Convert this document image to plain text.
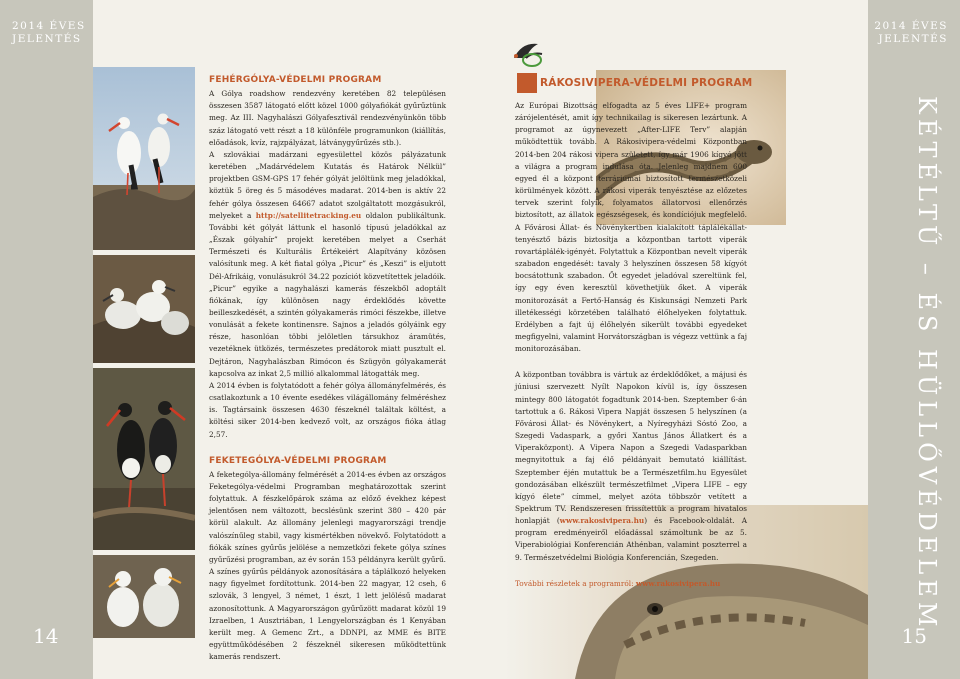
2014 ÉVES
JELENTÉS
2014 ÉVES
JELENTÉS
14	15
KÉTÉLTŰ – ÉS HÜLLŐVÉDELEM
FEHÉRGÓLYA-VÉDELMI PROGRAM

A Gólya roadshow rendezvény keretében 82 településen összesen 3587 látogató előtt közel 1000 gólyafiókát gyűrűztünk meg. Az III. Nagyhalászi Gólyafesztivál rendezvényünkön több száz látogató vett részt a 18 különféle programunkon (kiállítás, előadások, kvíz, rajzpályázat, látványgyűrűzés stb.).

A szlovákiai madárzani egyesülettel közös pályázatunk keretében „Madárvédelem Kutatás és Határok Nélkül” projektben GSM-GPS 17 fehér gólyát jelöltünk meg jeladókkal, köztük 5 öreg és 5 másodéves madarat. 2014-ben is aktív 22 fehér gólya összesen 64667 adatot szolgáltatott mozgásukról, melyeket a http://satellitetracking.eu oldalon publikáltunk. További két gólyát láttunk el hasonló típusú jeladókkal az „Észak gólyahír” projekt keretében melyet a Cserhát Természeti és Kulturális Értékeiért Alapítvány közösen valósítunk meg. A két fiatal gólya „Picur” és „Keszi” is eljutott Dél-Afrikáig, vonulásukról 34.22 pozíciót közvetítettek jeladóik. „Picur” egyike a nagyhalászi kamerás fészekből adoptált fiókának, így különösen nagy érdeklődés követte beilleszkedését, a szintén gólyakamerás rimóci fészekbe, illetve vonulását a fekete kontinensre. Sajnos a jeladós gólyáink egy része, hasonlóan többi jelöletlen társukhoz áramütés, vezetéknek ütközés, természetes predátorok miatt pusztult el. Dejtáron, Nagyhalászban Rimócon és Szügyön gólyakamerát kapcsolva az inkat 2,5 millió alkalommal látogatták meg.

A 2014 évben is folytatódott a fehér gólya állományfelmérés, és csatlakoztunk a 10 évente esedékes világállomány felméréshez is. Tagtársaink összesen 4630 fészeknél találtak költést, a költési siker 2014-ben kedvező volt, az országos fióka átlag 2,57.

FEKETEGÓLYA-VÉDELMI PROGRAM

A feketególya-állomány felmérését a 2014-es évben az országos Feketególya-védelmi Programban meghatározottak szerint folytattuk. A fészkelőpárok száma az előző évekhez képest jelentősen nem változott, becslésünk szerint 380 – 420 pár körül alakult. Az állomány jelenlegi magyarországi trendje valószínűleg stabil, vagy kismértékben növekvő. Folytatódott a fiókák színes gyűrűs jelölése a nemzetközi fekete gólya színes gyűrűzési programban, az év során 153 példányra került gyűrű. A színes gyűrűs példányok azonosítására a táplálkozó helyeken nagy figyelmet fordítottunk. 2014-ben 22 magyar, 12 cseh, 6 szlovák, 3 lengyel, 3 német, 1 észt, 1 lett jelölésű madarat azonosítottunk. A Magyarországon gyűrűzött madarat közül 19 Izraelben, 1 Ausztriában, 1 Lengyelországban és 1 Kenyában került meg. A Gemenc Zrt., a DDNPI, az MME és BITE együttműködésében 2 fészeknél sikeresen működtettünk kamerás rendszert.

RÁKOSIVIPERA-VÉDELMI PROGRAM

Az Európai Bizottság elfogadta az 5 éves LIFE+ program zárójelentését, amit így technikailag is sikeresen lezártunk. A programot az úgynevezett „After-LIFE Terv” alapján működtettük tovább. A Rákosivipera-védelmi Központban 2014-ben 204 rákosi vipera született, így már 1906 kígyó jött a világra a program indulása óta. Jelenleg majdnem 600 egyed él a központ terráriumai biztosított természetközeli körülmények között. A rákosi viperák tenyésztése az előzetes tervek szerint folyik, folyamatos állatorvosi ellenőrzés biztosított, az állatok egészségesek, és kondíciójuk megfelelő. A Fővárosi Állat- és Növénykertben kialakított táplálékállat-tenyésztő bázis biztosítja a központban tartott viperák rovartáplálék-igényét. Folytattuk a Központban nevelt viperák szabadon engedését: tavaly 3 helyszínen összesen 58 kígyót bocsátottunk szabadon. Őt egyedet jeladóval szereltünk fel, így egy éven keresztül követhetjük őket. A viperák monitorozását a Fertő-Hanság és Kiskunsági Nemzeti Park illetékességi körzetében található élőhelyeken folytattuk. Erdélyben a fajt új élőhelyén sikerült további egyedeket megfigyelni, valamint Horvátországban is végezz vettünk a faj monitorozásában.

A központban továbbra is vártuk az érdeklődőket, a májusi és júniusi szervezett Nyílt Napokon kívül is, így összesen mintegy 800 látogatót fogadtunk 2014-ben. Szeptember 6-án tartottuk a 6. Rákosi Vipera Napját összesen 5 helyszínen (a Fővárosi Állat- és Növénykert, a Nyíregyházi Sóstó Zoo, a Szegedi Vadaspark, a győri Xantus János Állatkert és a Viperaközpont). A Vipera Napon a Szegedi Vadasparkban megnyitottuk a faj élő példányait bemutató kiállítást. Szeptember éjén mutattuk be a Természetfilm.hu Egyesület gondozásában elkészült természetfilmet „Vipera LIFE – egy kígyó élete” címmel, melyet azóta többször vetített a Spektrum TV. Rendszeresen frissítettük a program hivatalos honlapját (www.rakosivipera.hu) és Facebook-oldalát. A program eredményeiről előadással számoltunk be az 5. Viperabiológiai Konferencián Athénban, valamint poszterrel a 9. Természetvédelmi Biológia Konferencián, Szegeden.

További részletek a programról: www.rakosivipera.hu
